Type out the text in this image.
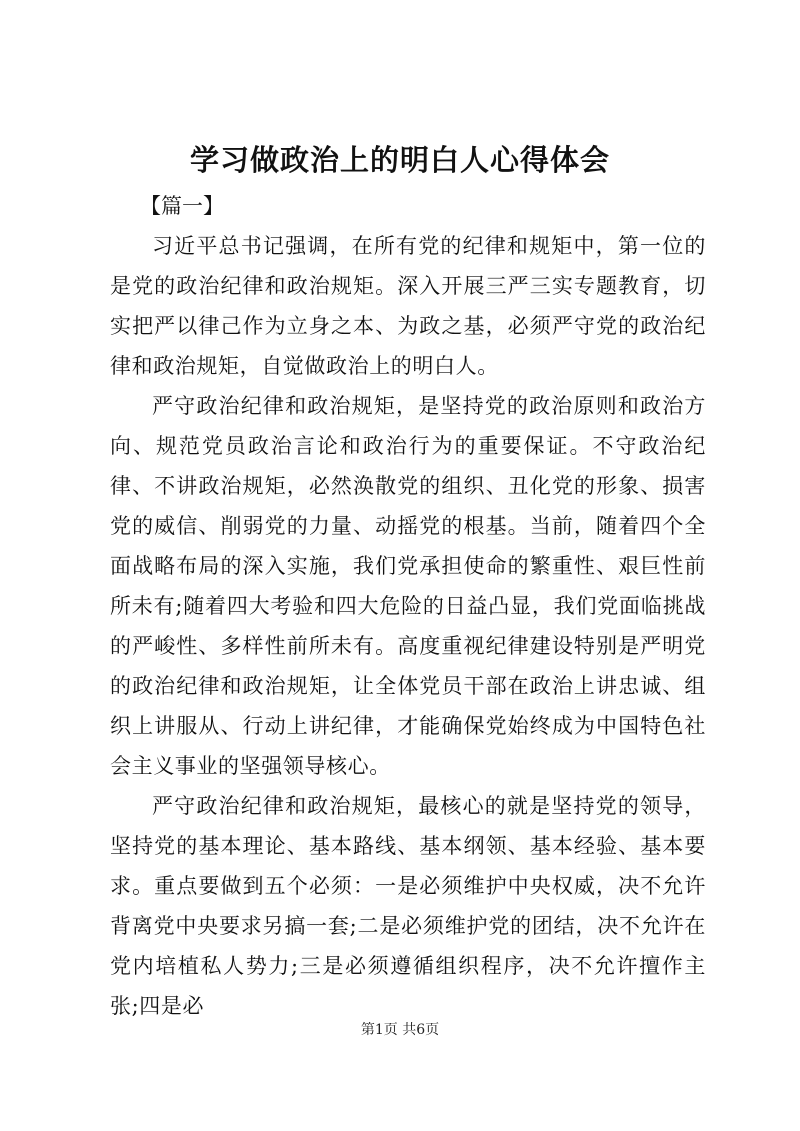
学习做政治上的明白人心得体会

【篇一】

习近平总书记强调，在所有党的纪律和规矩中，第一位的是党的政治纪律和政治规矩。深入开展三严三实专题教育，切实把严以律己作为立身之本、为政之基，必须严守党的政治纪律和政治规矩，自觉做政治上的明白人。

严守政治纪律和政治规矩，是坚持党的政治原则和政治方向、规范党员政治言论和政治行为的重要保证。不守政治纪律、不讲政治规矩，必然涣散党的组织、丑化党的形象、损害党的威信、削弱党的力量、动摇党的根基。当前，随着四个全面战略布局的深入实施，我们党承担使命的繁重性、艰巨性前所未有;随着四大考验和四大危险的日益凸显，我们党面临挑战的严峻性、多样性前所未有。高度重视纪律建设特别是严明党的政治纪律和政治规矩，让全体党员干部在政治上讲忠诚、组织上讲服从、行动上讲纪律，才能确保党始终成为中国特色社会主义事业的坚强领导核心。

严守政治纪律和政治规矩，最核心的就是坚持党的领导，坚持党的基本理论、基本路线、基本纲领、基本经验、基本要求。重点要做到五个必须：一是必须维护中央权威，决不允许背离党中央要求另搞一套;二是必须维护党的团结，决不允许在党内培植私人势力;三是必须遵循组织程序，决不允许擅作主张;四是必

第1页 共6页
